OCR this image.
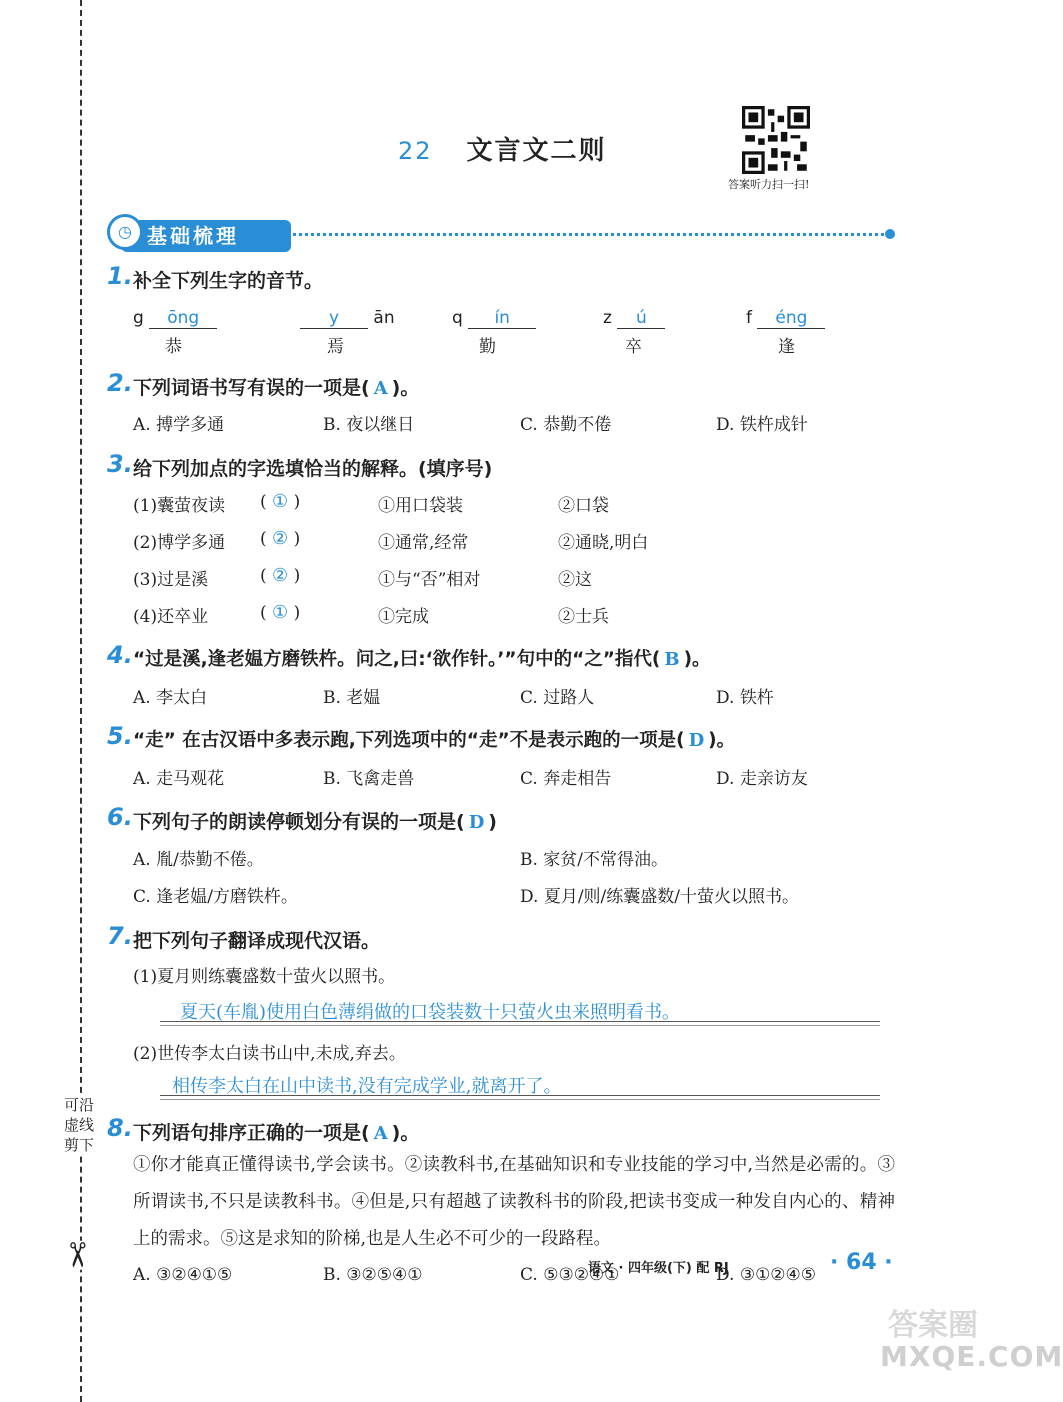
可沿虚线剪下
✂
22 文言文二则
答案听力扫一扫!
基础梳理
◷
1. 补全下列生字的音节。
g ōng
恭
y ān
焉
q ín
勤
z ú
卒
f éng
逢
2. 下列词语书写有误的一项是( A )。
A. 搏学多通	B. 夜以继日	C. 恭勤不倦	D. 铁杵成针
3. 给下列加点的字选填恰当的解释。(填序号)
(1)囊萤夜读 ( ① )	①用口袋装	②口袋
(2)博学多通 ( ② )	①通常,经常	②通晓,明白
(3)过是溪	( ② )	①与“否”相对	②这
(4)还卒业	( ① )	①完成	②士兵
4. “过是溪,逢老媪方磨铁杵。问之,曰:‘欲作针。’”句中的“之”指代( B )。
A. 李太白	B. 老媪	C. 过路人	D. 铁杵
5. “走” 在古汉语中多表示跑,下列选项中的“走”不是表示跑的一项是( D )。
A. 走马观花	B. 飞禽走兽	C. 奔走相告	D. 走亲访友
6. 下列句子的朗读停顿划分有误的一项是( D )
A. 胤/恭勤不倦。	B. 家贫/不常得油。
C. 逢老媪/方磨铁杵。	D. 夏月/则/练囊盛数/十萤火以照书。
7. 把下列句子翻译成现代汉语。
(1)夏月则练囊盛数十萤火以照书。
夏天(车胤)使用白色薄绢做的口袋装数十只萤火虫来照明看书。
(2)世传李太白读书山中,未成,弃去。
相传李太白在山中读书,没有完成学业,就离开了。
8. 下列语句排序正确的一项是( A )。
①你才能真正懂得读书,学会读书。②读教科书,在基础知识和专业技能的学习中,当然是必需的。③所谓读书,不只是读教科书。④但是,只有超越了读教科书的阶段,把读书变成一种发自内心的、精神上的需求。⑤这是求知的阶梯,也是人生必不可少的一段路程。
A. ③②④①⑤	B. ③②⑤④①	C. ⑤③②④①	D. ③①②④⑤
语文 · 四年级(下) 配 RJ	· 64 ·
答案圈
MXQE.COM
